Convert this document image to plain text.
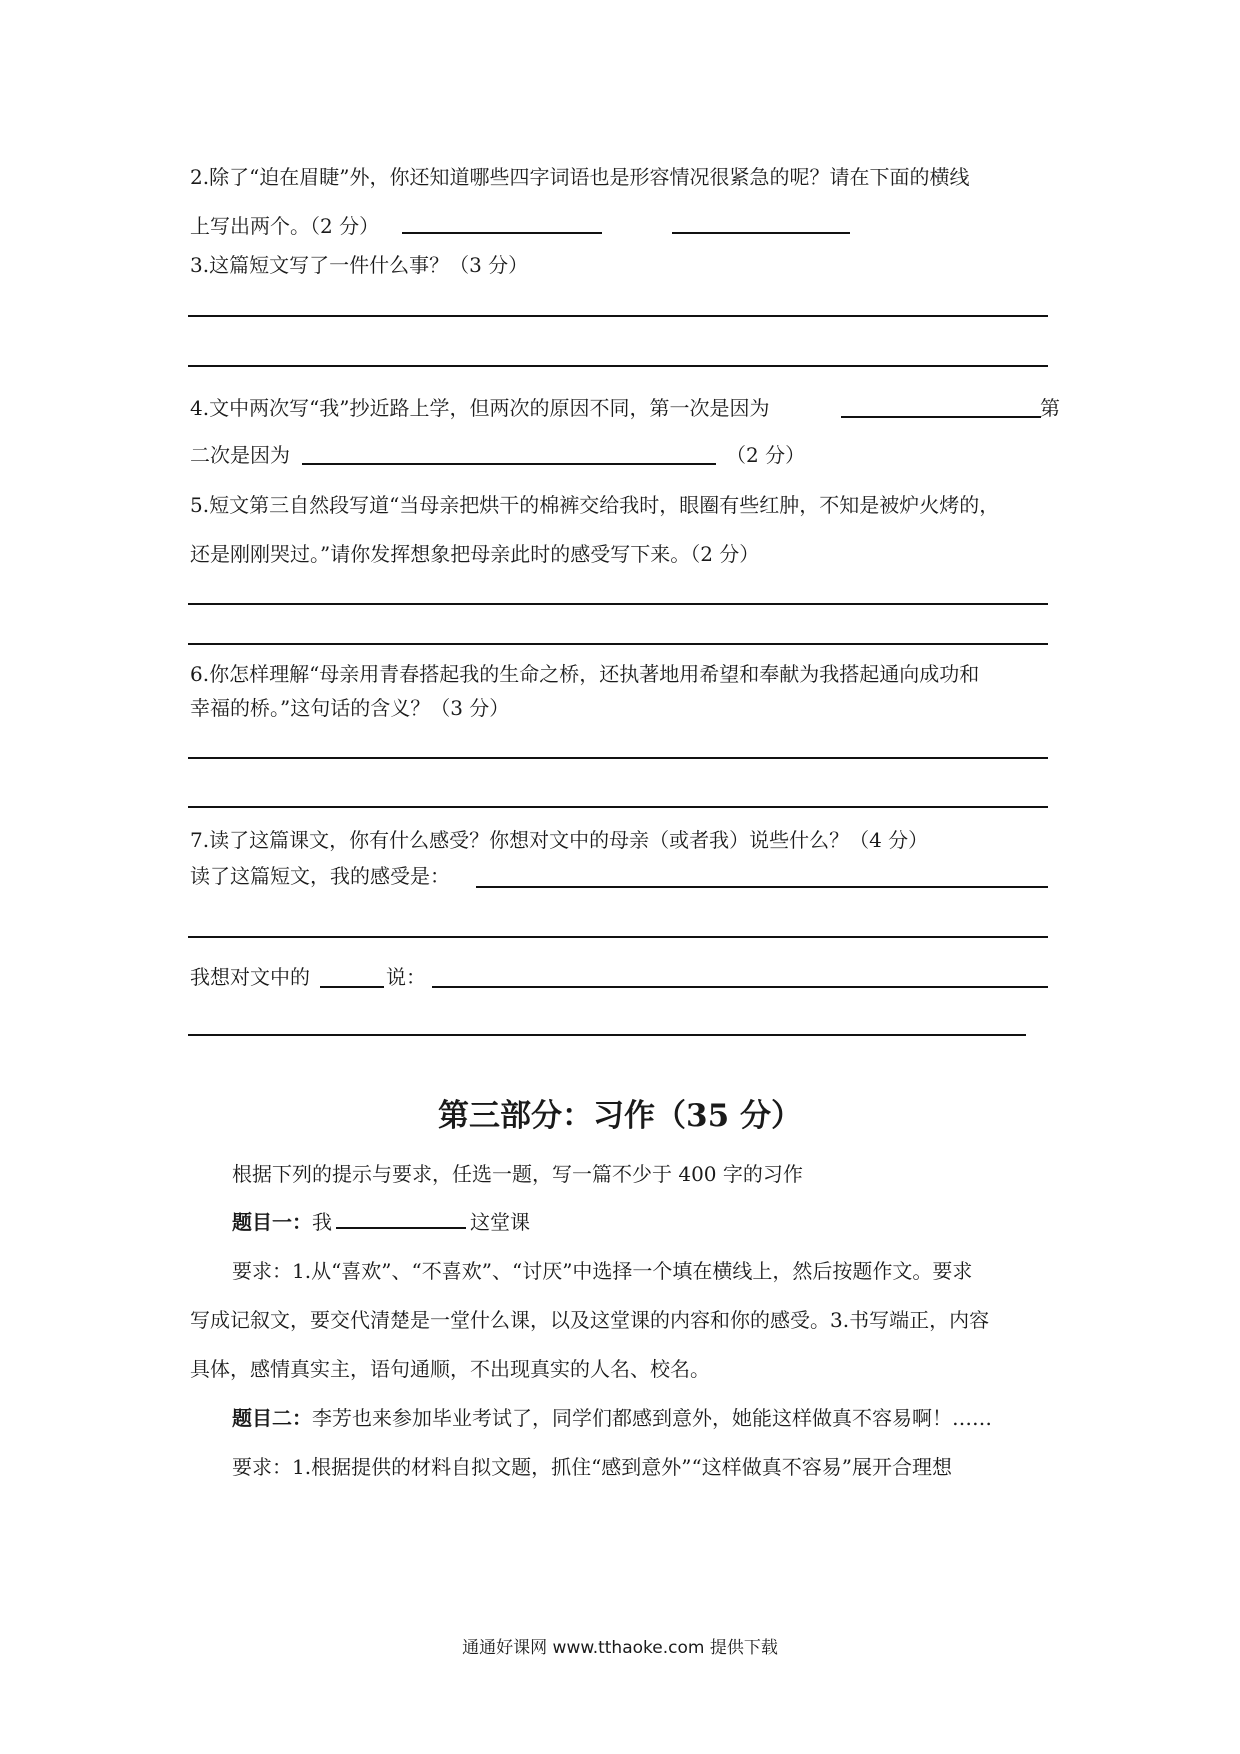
2.除了“迫在眉睫”外，你还知道哪些四字词语也是形容情况很紧急的呢？请在下面的横线
上写出两个。（2 分）
3.这篇短文写了一件什么事？（3 分）
4.文中两次写“我”抄近路上学，但两次的原因不同，第一次是因为	第
二次是因为	（2 分）
5.短文第三自然段写道“当母亲把烘干的棉裤交给我时，眼圈有些红肿，不知是被炉火烤的，
还是刚刚哭过。”请你发挥想象把母亲此时的感受写下来。（2 分）
6.你怎样理解“母亲用青春搭起我的生命之桥，还执著地用希望和奉献为我搭起通向成功和
幸福的桥。”这句话的含义？（3 分）
7.读了这篇课文，你有什么感受？你想对文中的母亲（或者我）说些什么？（4 分）
读了这篇短文，我的感受是：
我想对文中的	说：
第三部分：习作（35 分）
根据下列的提示与要求，任选一题，写一篇不少于 400 字的习作
题目一：我	这堂课
要求：1.从“喜欢”、“不喜欢”、“讨厌”中选择一个填在横线上，然后按题作文。要求
写成记叙文，要交代清楚是一堂什么课，以及这堂课的内容和你的感受。3.书写端正，内容
具体，感情真实主，语句通顺，不出现真实的人名、校名。
题目二：李芳也来参加毕业考试了，同学们都感到意外，她能这样做真不容易啊！……
要求：1.根据提供的材料自拟文题，抓住“感到意外”“这样做真不容易”展开合理想
通通好课网 www.tthaoke.com 提供下载
